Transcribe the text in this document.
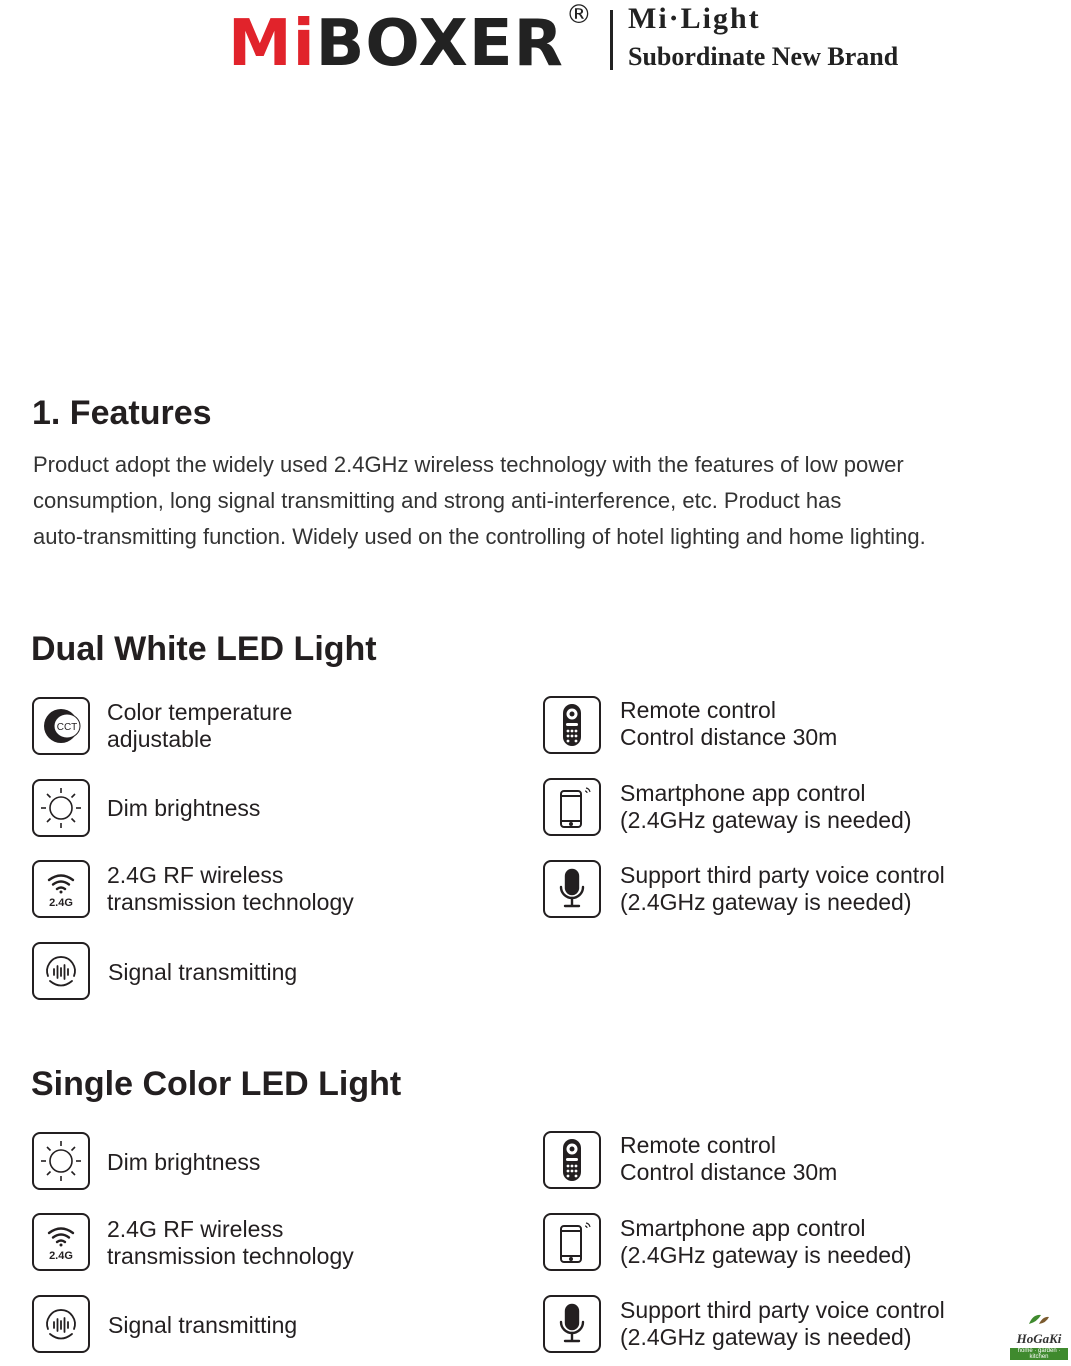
MiBOXER ® Mi·Light
Subordinate New Brand
1. Features
Product adopt the widely used 2.4GHz wireless technology with the features of low power
consumption, long signal transmitting and strong anti-interference, etc. Product has
auto-transmitting function. Widely used on the controlling of hotel lighting and home lighting.
Dual White LED Light
CCT
Color temperature
adjustable
Dim brightness
2.4G
2.4G RF wireless
transmission technology
Signal transmitting
Remote control
Control distance 30m
Smartphone app control
(2.4GHz gateway is needed)
Support third party voice control
(2.4GHz gateway is needed)
Single Color LED Light
Dim brightness
2.4G
2.4G RF wireless
transmission technology
Signal transmitting
Remote control
Control distance 30m
Smartphone app control
(2.4GHz gateway is needed)
Support third party voice control
(2.4GHz gateway is needed)	HoGaKi
home · garden · kitchen
